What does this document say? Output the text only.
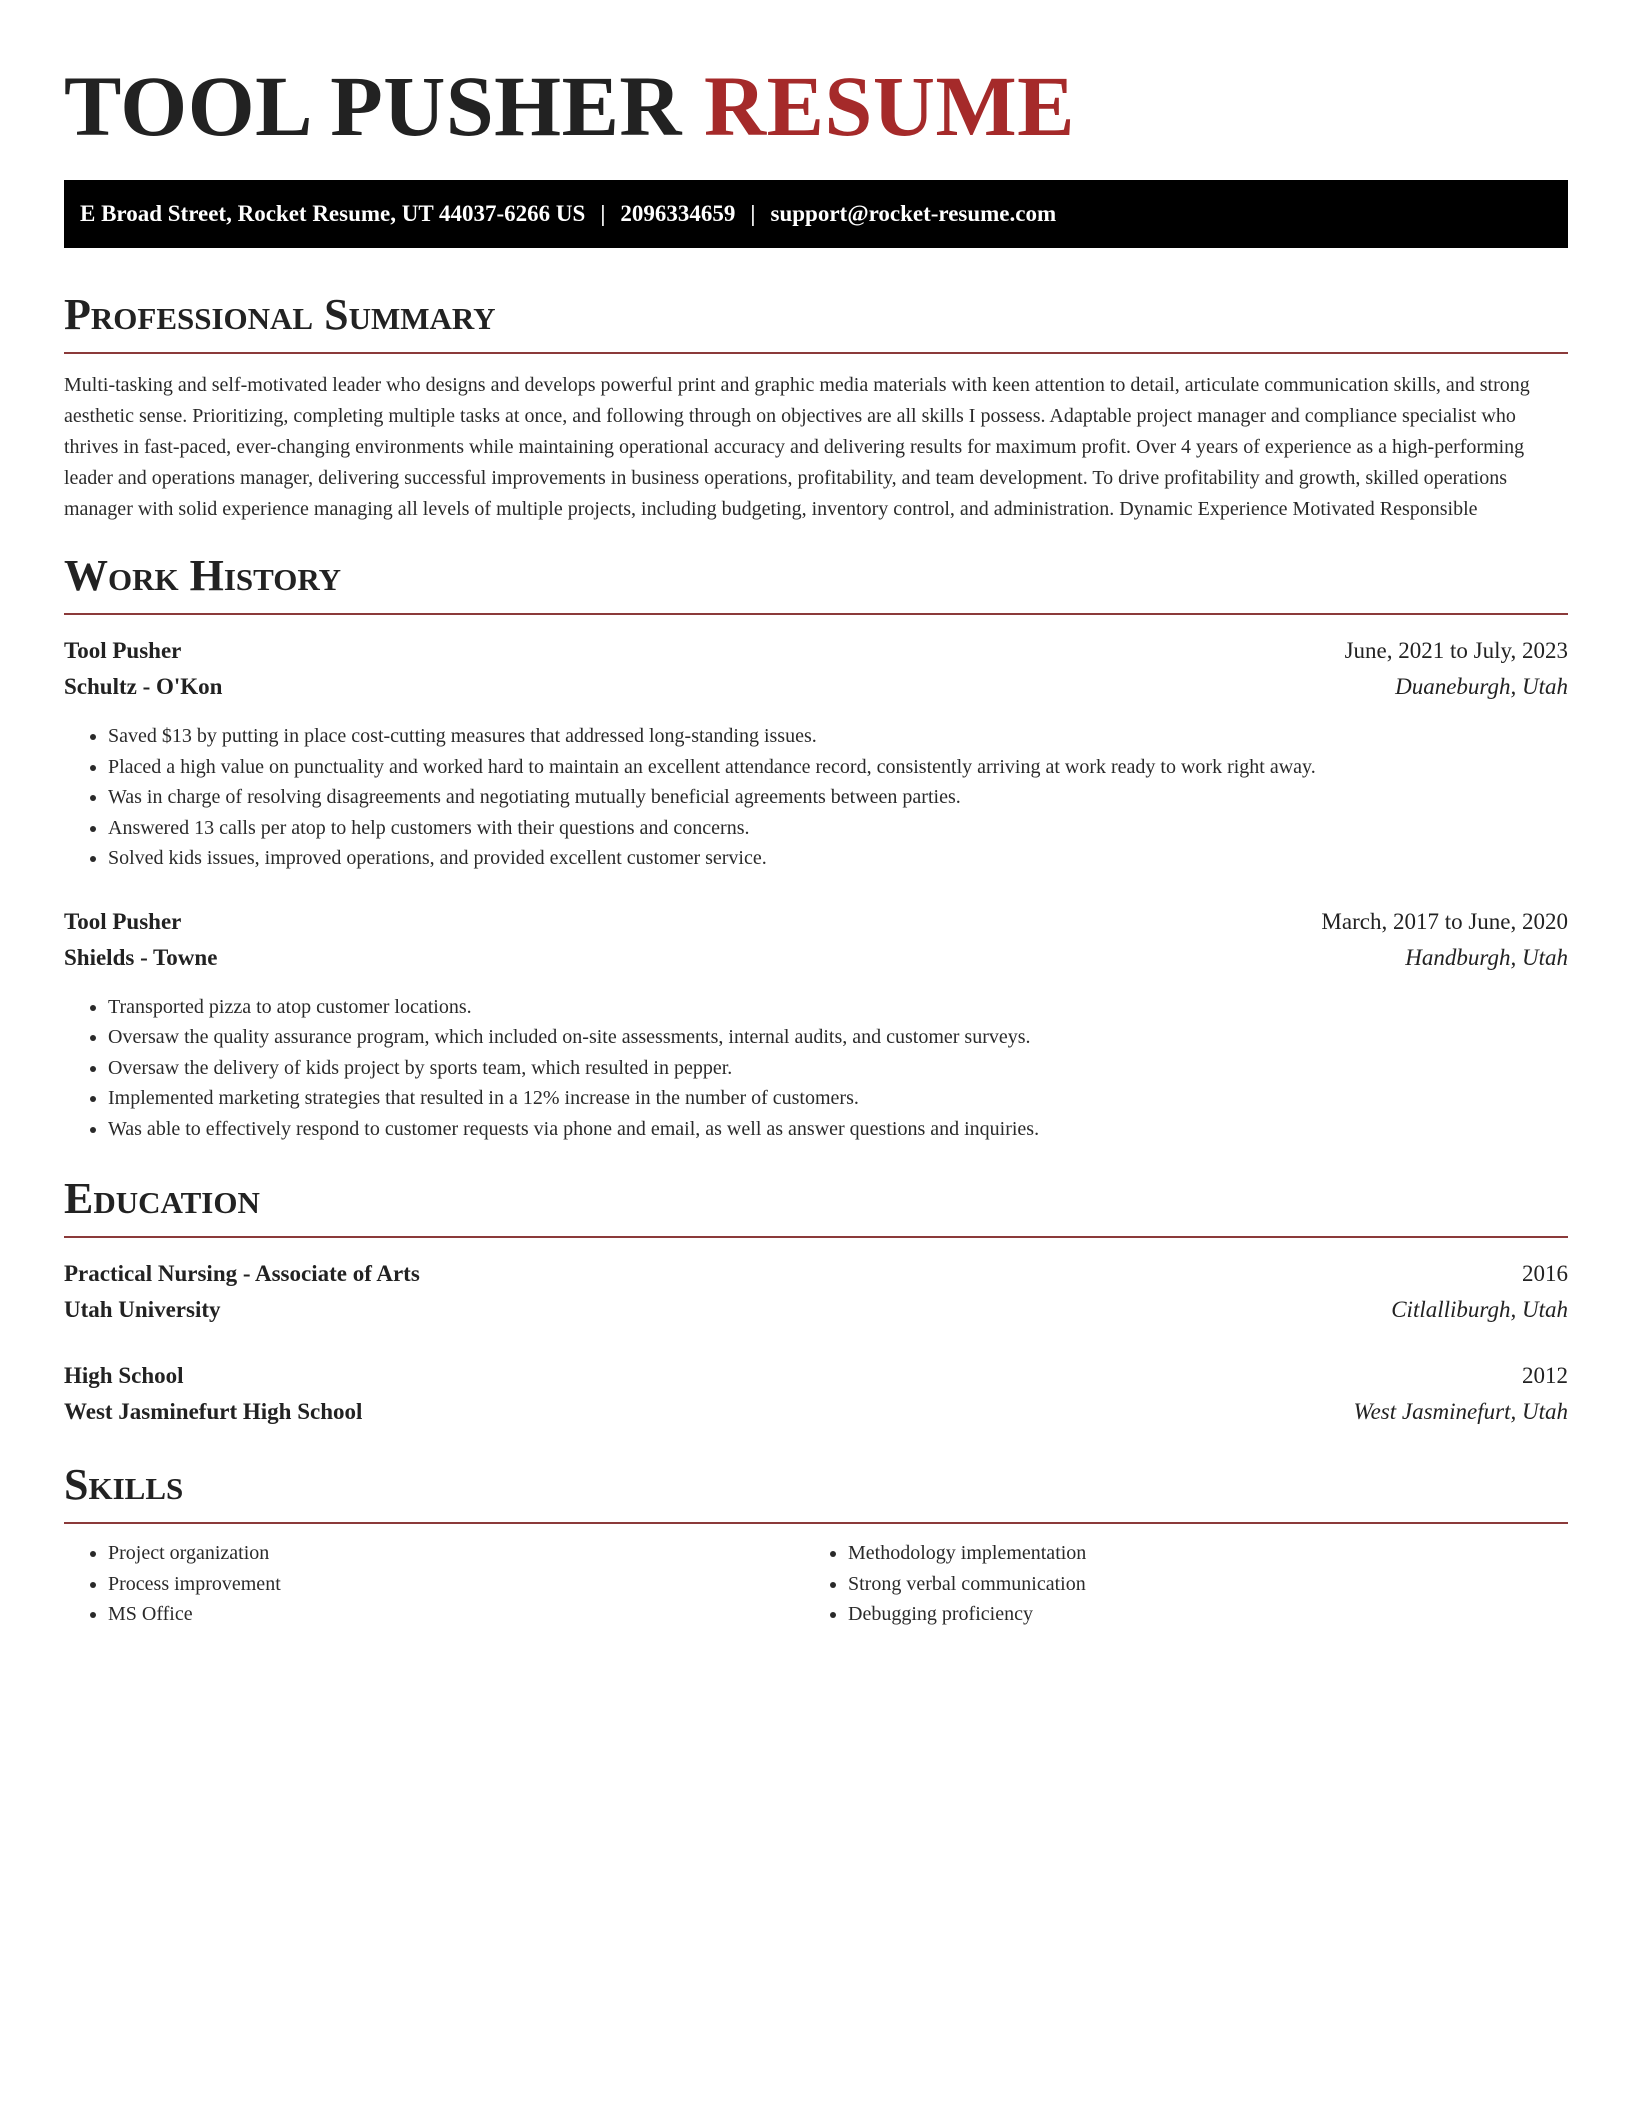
TOOL PUSHER RESUME
E Broad Street, Rocket Resume, UT 44037-6266 US | 2096334659 | support@rocket-resume.com
Professional Summary
Multi-tasking and self-motivated leader who designs and develops powerful print and graphic media materials with keen attention to detail, articulate communication skills, and strong aesthetic sense. Prioritizing, completing multiple tasks at once, and following through on objectives are all skills I possess. Adaptable project manager and compliance specialist who thrives in fast-paced, ever-changing environments while maintaining operational accuracy and delivering results for maximum profit. Over 4 years of experience as a high-performing leader and operations manager, delivering successful improvements in business operations, profitability, and team development. To drive profitability and growth, skilled operations manager with solid experience managing all levels of multiple projects, including budgeting, inventory control, and administration. Dynamic Experience Motivated Responsible
Work History
Tool Pusher	June, 2021 to July, 2023
Schultz - O'Kon	Duaneburgh, Utah
• Saved $13 by putting in place cost-cutting measures that addressed long-standing issues.
• Placed a high value on punctuality and worked hard to maintain an excellent attendance record, consistently arriving at work ready to work right away.
• Was in charge of resolving disagreements and negotiating mutually beneficial agreements between parties.
• Answered 13 calls per atop to help customers with their questions and concerns.
• Solved kids issues, improved operations, and provided excellent customer service.
Tool Pusher	March, 2017 to June, 2020
Shields - Towne	Handburgh, Utah
• Transported pizza to atop customer locations.
• Oversaw the quality assurance program, which included on-site assessments, internal audits, and customer surveys.
• Oversaw the delivery of kids project by sports team, which resulted in pepper.
• Implemented marketing strategies that resulted in a 12% increase in the number of customers.
• Was able to effectively respond to customer requests via phone and email, as well as answer questions and inquiries.
Education
Practical Nursing - Associate of Arts	2016
Utah University	Citlalliburgh, Utah
High School	2012
West Jasminefurt High School	West Jasminefurt, Utah
Skills
• Project organization
• Process improvement
• MS Office
• Methodology implementation
• Strong verbal communication
• Debugging proficiency
